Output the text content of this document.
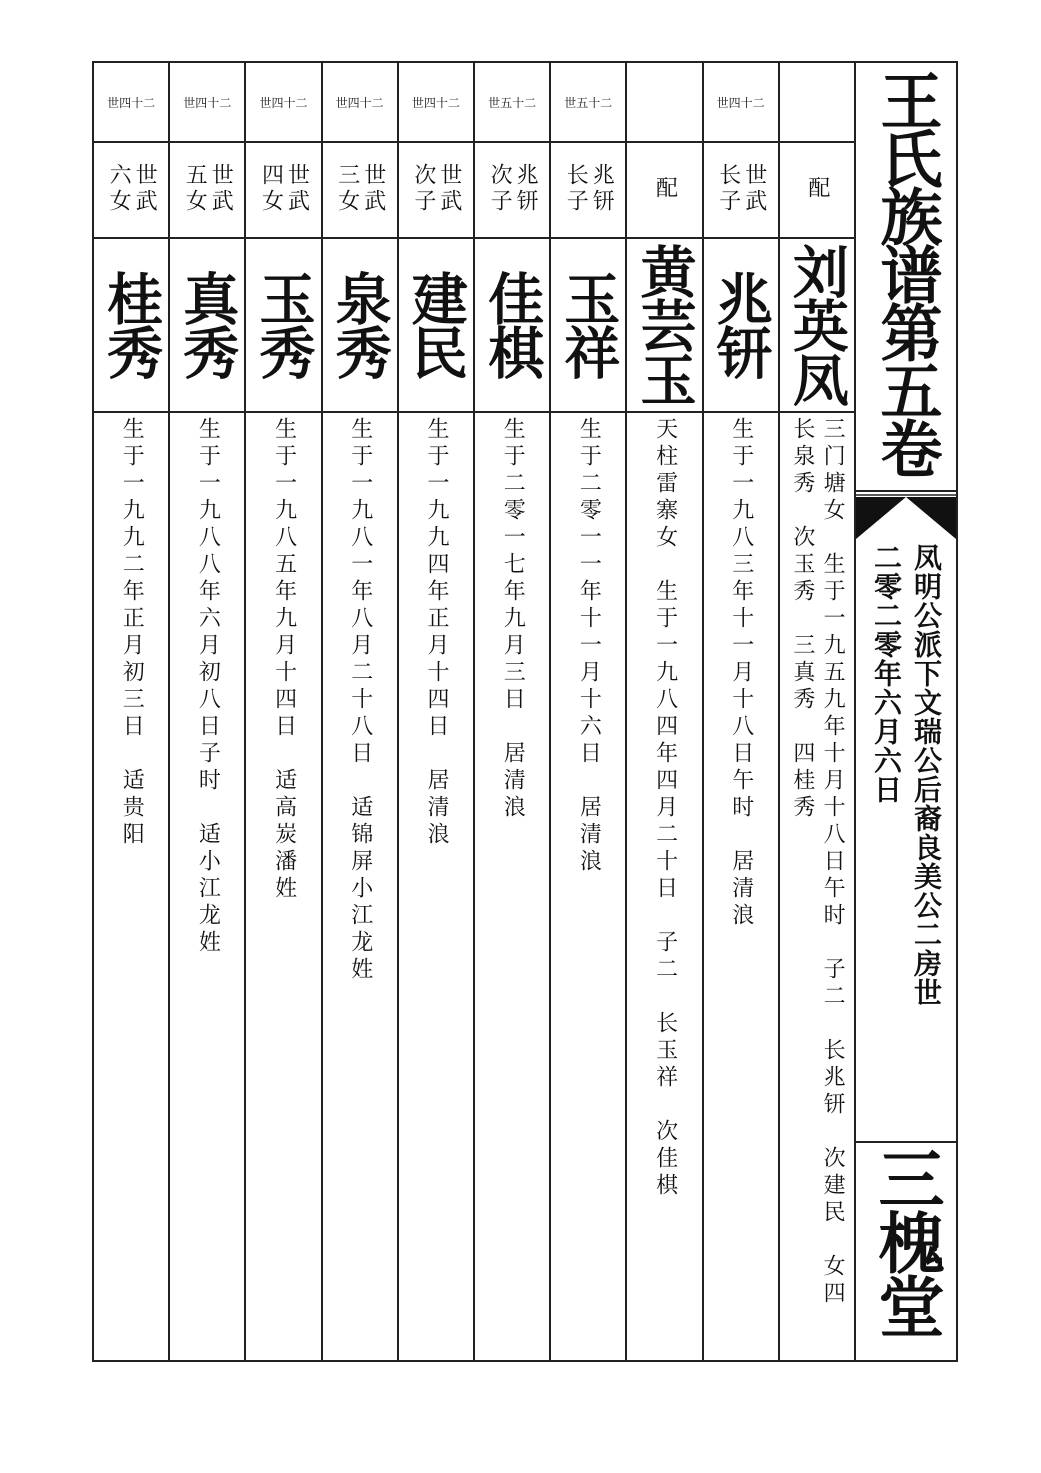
配
刘英凤
三门塘女　生于一九五九年十月十八日午时　子二　长兆钘　次建民　女四
长泉秀　次玉秀　三真秀　四桂秀
世四十二
世武
长子
兆钘
生于一九八三年十一月十八日午时　居清浪
配
黄芸玉
天柱雷寨女　生于一九八四年四月二十日　子二　长玉祥　次佳棋
世五十二
兆钘
长子
玉祥
生于二零一一年十一月十六日　居清浪
世五十二
兆钘
次子
佳棋
生于二零一七年九月三日　居清浪
世四十二
世武
次子
建民
生于一九九四年正月十四日　居清浪
世四十二
世武
三女
泉秀
生于一九八一年八月二十八日　适锦屏小江龙姓
世四十二
世武
四女
玉秀
生于一九八五年九月十四日　适高炭潘姓
世四十二
世武
五女
真秀
生于一九八八年六月初八日子时　适小江龙姓
世四十二
世武
六女
桂秀
生于一九九二年正月初三日　适贵阳
王氏族谱第五卷
凤明公派下文瑞公后裔良美公二房世
二零二零年六月六日
三槐堂
